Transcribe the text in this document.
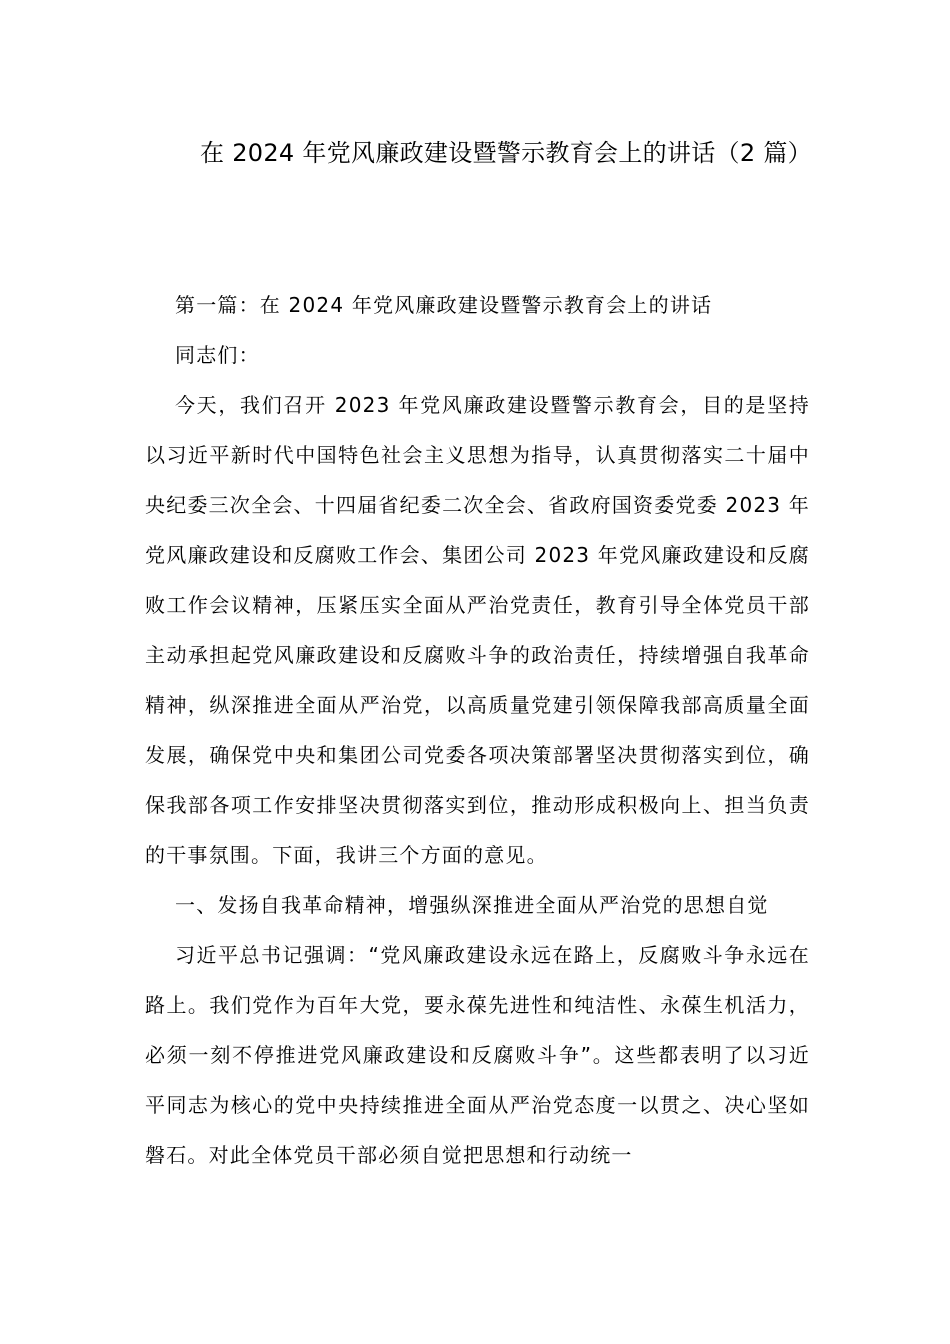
在 2024 年党风廉政建设暨警示教育会上的讲话（2 篇）

第一篇：在 2024 年党风廉政建设暨警示教育会上的讲话

同志们：

今天，我们召开 2023 年党风廉政建设暨警示教育会，目的是坚持以习近平新时代中国特色社会主义思想为指导，认真贯彻落实二十届中央纪委三次全会、十四届省纪委二次全会、省政府国资委党委 2023 年党风廉政建设和反腐败工作会、集团公司 2023 年党风廉政建设和反腐败工作会议精神，压紧压实全面从严治党责任，教育引导全体党员干部主动承担起党风廉政建设和反腐败斗争的政治责任，持续增强自我革命精神，纵深推进全面从严治党，以高质量党建引领保障我部高质量全面发展，确保党中央和集团公司党委各项决策部署坚决贯彻落实到位，确保我部各项工作安排坚决贯彻落实到位，推动形成积极向上、担当负责的干事氛围。下面，我讲三个方面的意见。

一、发扬自我革命精神，增强纵深推进全面从严治党的思想自觉

习近平总书记强调：“党风廉政建设永远在路上，反腐败斗争永远在路上。我们党作为百年大党，要永葆先进性和纯洁性、永葆生机活力，必须一刻不停推进党风廉政建设和反腐败斗争”。这些都表明了以习近平同志为核心的党中央持续推进全面从严治党态度一以贯之、决心坚如磐石。对此全体党员干部必须自觉把思想和行动统一
